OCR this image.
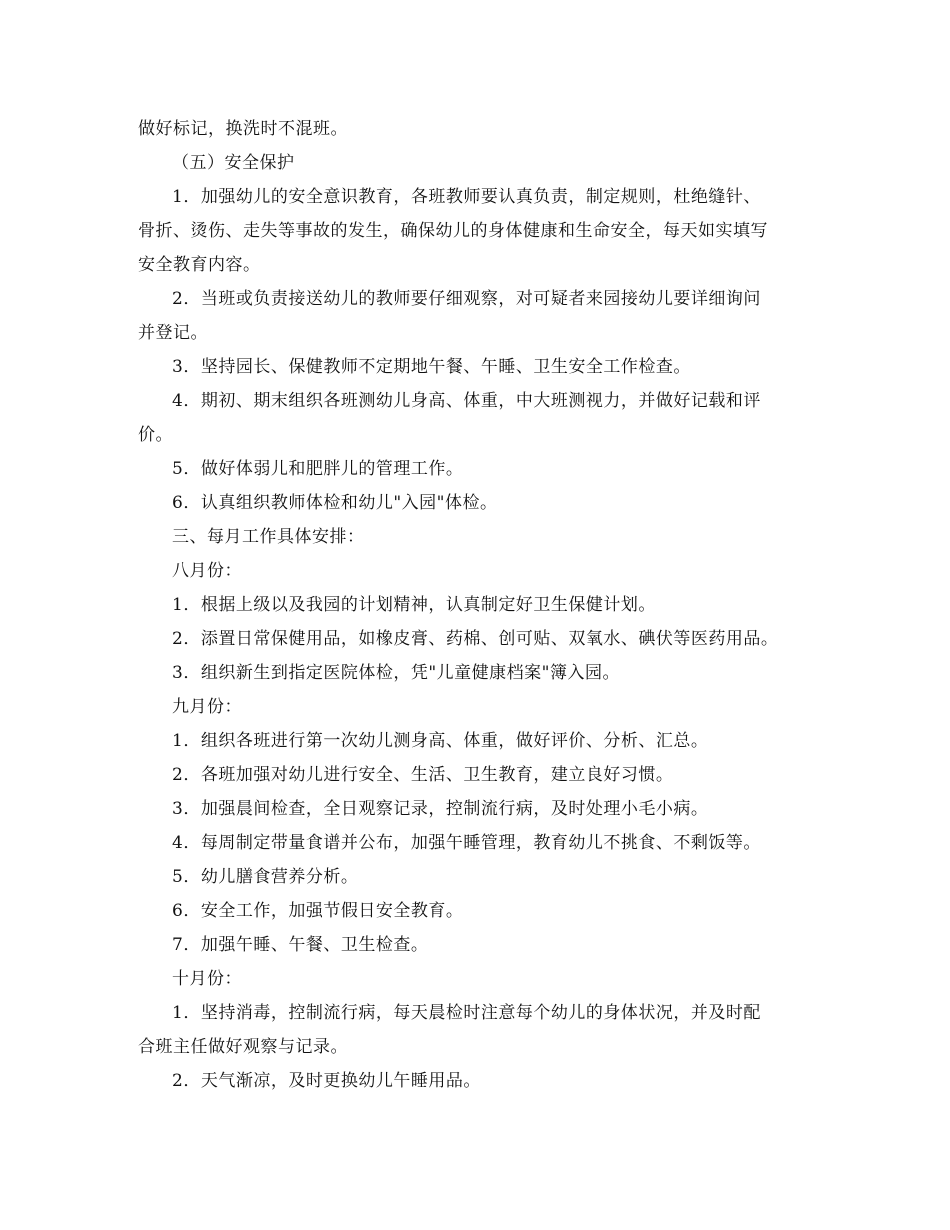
做好标记，换洗时不混班。

（五）安全保护

1．加强幼儿的安全意识教育，各班教师要认真负责，制定规则，杜绝缝针、

骨折、烫伤、走失等事故的发生，确保幼儿的身体健康和生命安全，每天如实填写

安全教育内容。

2．当班或负责接送幼儿的教师要仔细观察，对可疑者来园接幼儿要详细询问

并登记。

3．坚持园长、保健教师不定期地午餐、午睡、卫生安全工作检查。

4．期初、期末组织各班测幼儿身高、体重，中大班测视力，并做好记载和评

价。

5．做好体弱儿和肥胖儿的管理工作。

6．认真组织教师体检和幼儿"入园"体检。

三、每月工作具体安排：

八月份：

1．根据上级以及我园的计划精神，认真制定好卫生保健计划。

2．添置日常保健用品，如橡皮膏、药棉、创可贴、双氧水、碘伏等医药用品。

3．组织新生到指定医院体检，凭"儿童健康档案"簿入园。

九月份：

1．组织各班进行第一次幼儿测身高、体重，做好评价、分析、汇总。

2．各班加强对幼儿进行安全、生活、卫生教育，建立良好习惯。

3．加强晨间检查，全日观察记录，控制流行病，及时处理小毛小病。

4．每周制定带量食谱并公布，加强午睡管理，教育幼儿不挑食、不剩饭等。

5．幼儿膳食营养分析。

6．安全工作，加强节假日安全教育。

7．加强午睡、午餐、卫生检查。

十月份：

1．坚持消毒，控制流行病，每天晨检时注意每个幼儿的身体状况，并及时配

合班主任做好观察与记录。

2．天气渐凉，及时更换幼儿午睡用品。
